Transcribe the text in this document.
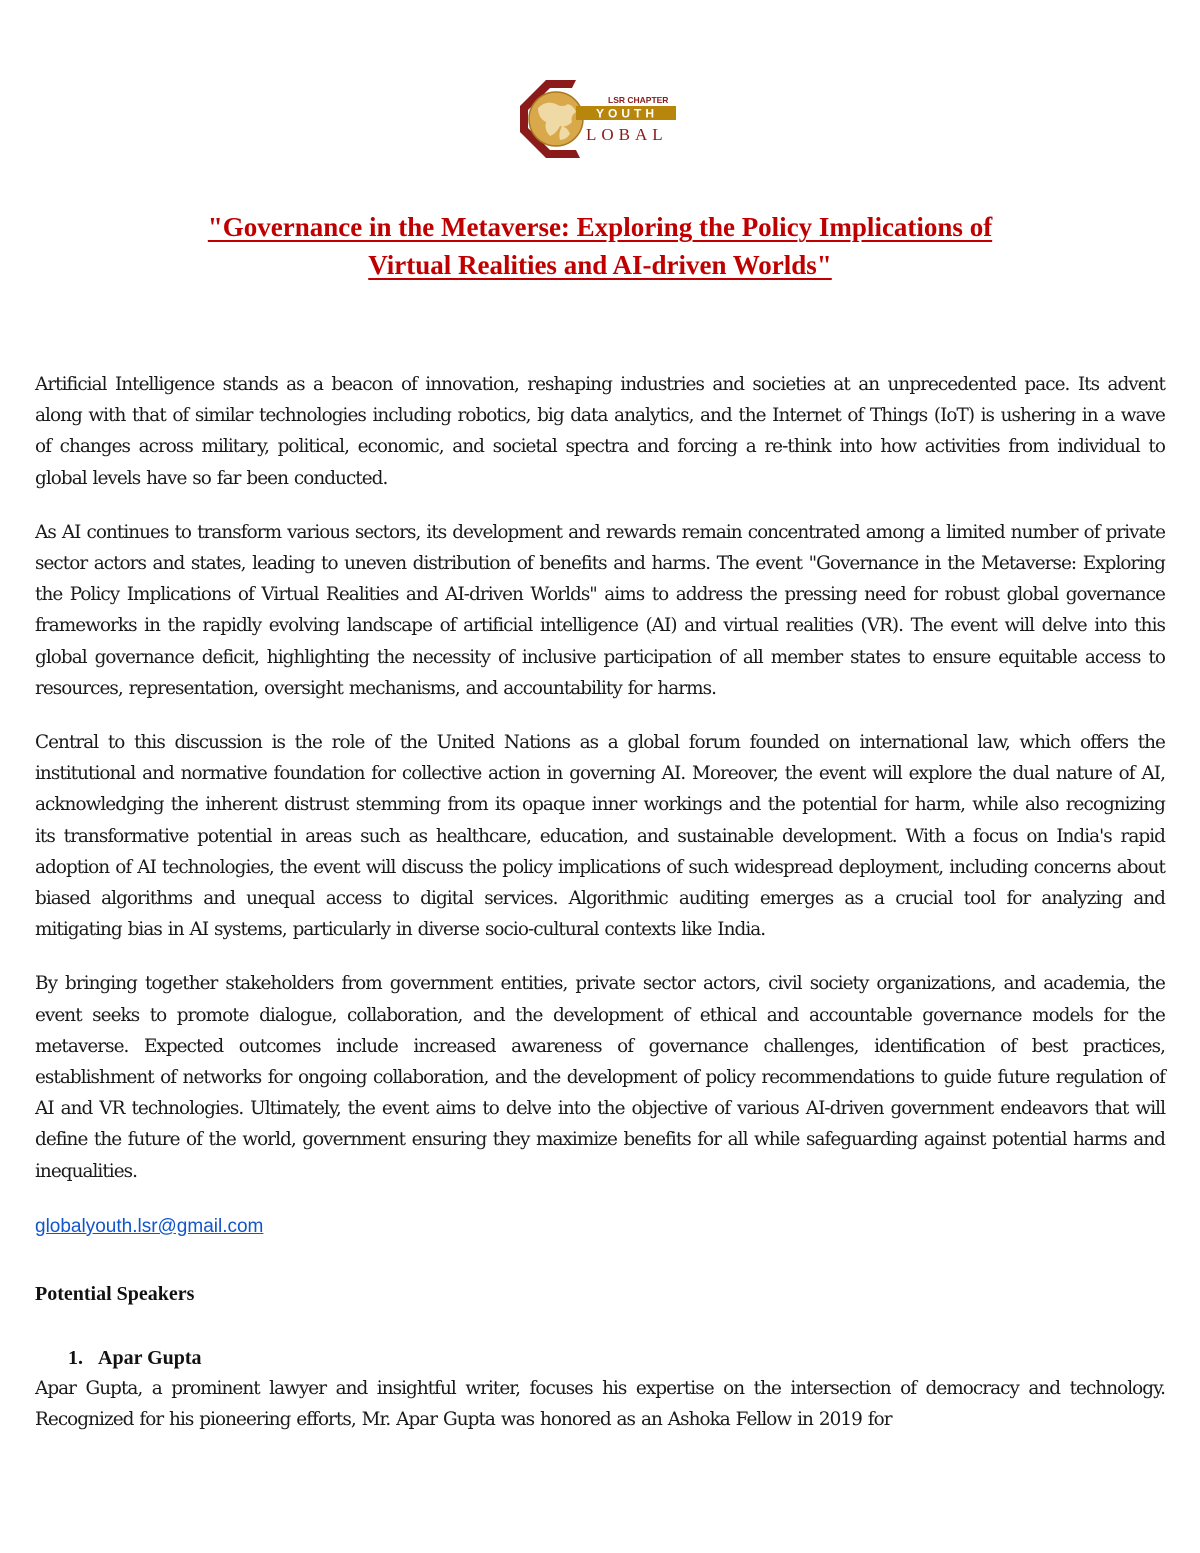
LSR CHAPTER
YOUTH
LOBAL
"Governance in the Metaverse: Exploring the Policy Implications of
Virtual Realities and AI-driven Worlds"

Artificial Intelligence stands as a beacon of innovation, reshaping industries and societies at an unprecedented pace. Its advent along with that of similar technologies including robotics, big data analytics, and the Internet of Things (IoT) is ushering in a wave of changes across military, political, economic, and societal spectra and forcing a re-think into how activities from individual to global levels have so far been conducted.

As AI continues to transform various sectors, its development and rewards remain concentrated among a limited number of private sector actors and states, leading to uneven distribution of benefits and harms. The event "Governance in the Metaverse: Exploring the Policy Implications of Virtual Realities and AI-driven Worlds" aims to address the pressing need for robust global governance frameworks in the rapidly evolving landscape of artificial intelligence (AI) and virtual realities (VR). The event will delve into this global governance deficit, highlighting the necessity of inclusive participation of all member states to ensure equitable access to resources, representation, oversight mechanisms, and accountability for harms.

Central to this discussion is the role of the United Nations as a global forum founded on international law, which offers the institutional and normative foundation for collective action in governing AI. Moreover, the event will explore the dual nature of AI, acknowledging the inherent distrust stemming from its opaque inner workings and the potential for harm, while also recognizing its transformative potential in areas such as healthcare, education, and sustainable development. With a focus on India's rapid adoption of AI technologies, the event will discuss the policy implications of such widespread deployment, including concerns about biased algorithms and unequal access to digital services. Algorithmic auditing emerges as a crucial tool for analyzing and mitigating bias in AI systems, particularly in diverse socio-cultural contexts like India.

By bringing together stakeholders from government entities, private sector actors, civil society organizations, and academia, the event seeks to promote dialogue, collaboration, and the development of ethical and accountable governance models for the metaverse. Expected outcomes include increased awareness of governance challenges, identification of best practices, establishment of networks for ongoing collaboration, and the development of policy recommendations to guide future regulation of AI and VR technologies. Ultimately, the event aims to delve into the objective of various AI-driven government endeavors that will define the future of the world, government ensuring they maximize benefits for all while safeguarding against potential harms and inequalities.

globalyouth.lsr@gmail.com
Potential Speakers
1. Apar Gupta

Apar Gupta, a prominent lawyer and insightful writer, focuses his expertise on the intersection of democracy and technology. Recognized for his pioneering efforts, Mr. Apar Gupta was honored as an Ashoka Fellow in 2019 for
